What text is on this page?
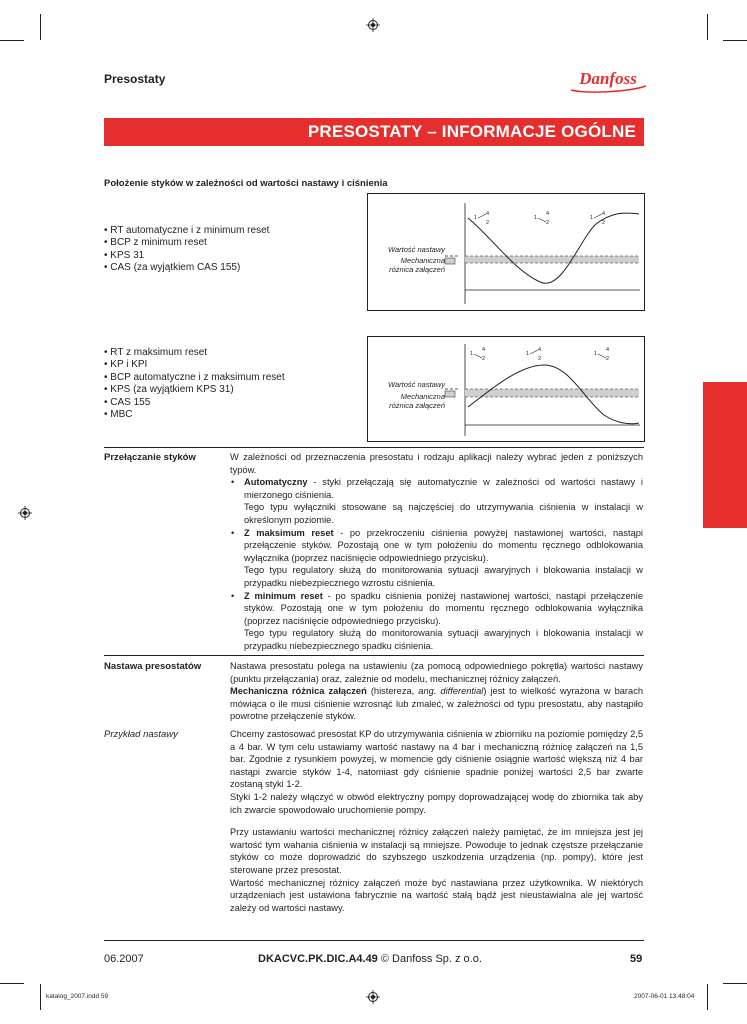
Presostaty	Danfoss
PRESOSTATY – INFORMACJE OGÓLNE
Położenie styków w zależności od wartości nastawy i ciśnienia
• RT automatyczne i z minimum reset
• BCP z minimum reset
• KPS 31
• CAS (za wyjątkiem CAS 155)
Wartość nastawy
Mechaniczna
różnica załączeń
1
4
2
1
4
2
1
4
2
• RT z maksimum reset
• KP i KPI
• BCP automatyczne i z maksimum reset
• KPS (za wyjątkiem KPS 31)
• CAS 155
• MBC
Wartość nastawy
Mechaniczna
różnica załączeń
1
4
2
1
4
2
1
4
2
Przełączanie styków	W zależności od przeznaczenia presostatu i rodzaju aplikacji należy wybrać jeden z poniższych typów.

• Automatyczny - styki przełączają się automatycznie w zależności od wartości nastawy i mierzonego ciśnienia.
Tego typu wyłączniki stosowane są najczęściej do utrzymywania ciśnienia w instalacji w określonym poziomie.
• Z maksimum reset - po przekroczeniu ciśnienia powyżej nastawionej wartości, nastąpi przełączenie styków. Pozostają one w tym położeniu do momentu ręcznego odblokowania wyłącznika (poprzez naciśnięcie odpowiedniego przycisku).
Tego typu regulatory służą do monitorowania sytuacji awaryjnych i blokowania instalacji w przypadku niebezpiecznego wzrostu ciśnienia.
• Z minimum reset - po spadku ciśnienia poniżej nastawionej wartości, nastąpi przełączenie styków. Pozostają one w tym położeniu do momentu ręcznego odblokowania wyłącznika (poprzez naciśnięcie odpowiedniego przycisku).
Tego typu regulatory służą do monitorowania sytuacji awaryjnych i blokowania instalacji w przypadku niebezpiecznego spadku ciśnienia.
Nastawa presostatów	Nastawa presostatu polega na ustawieniu (za pomocą odpowiedniego pokrętła) wartości nastawy (punktu przełączania) oraz, zależnie od modelu, mechanicznej różnicy załączeń.

Mechaniczna różnica załączeń (histereza, ang. differential) jest to wielkość wyrażona w barach mówiąca o ile musi ciśnienie wzrosnąć lub zmaleć, w zależności od typu presostatu, aby nastąpiło powrotne przełączenie styków.

Przykład nastawy	Chcemy zastosować presostat KP do utrzymywania ciśnienia w zbiorniku na poziomie pomiędzy 2,5 a 4 bar. W tym celu ustawiamy wartość nastawy na 4 bar i mechaniczną różnicę załączeń na 1,5 bar. Zgodnie z rysunkiem powyżej, w momencie gdy ciśnienie osiągnie wartość większą niż 4 bar nastąpi zwarcie styków 1-4, natomiast gdy ciśnienie spadnie poniżej wartości 2,5 bar zwarte zostaną styki 1-2.

Styki 1-2 należy włączyć w obwód elektryczny pompy doprowadzającej wodę do zbiornika tak aby ich zwarcie spowodowało uruchomienie pompy.

Przy ustawianiu wartości mechanicznej różnicy załączeń należy pamiętać, że im mniejsza jest jej wartość tym wahania ciśnienia w instalacji są mniejsze. Powoduje to jednak częstsze przełączanie styków co może doprowadzić do szybszego uszkodzenia urządzenia (np. pompy), które jest sterowane przez presostat.

Wartość mechanicznej różnicy załączeń może być nastawiana przez użytkownika. W niektórych urządzeniach jest ustawiona fabrycznie na wartość stałą bądź jest nieustawialna ale jej wartość zależy od wartości nastawy.

06.2007	DKACVC.PK.DIC.A4.49 © Danfoss Sp. z o.o.	59
katalog_2007.indd 59	2007-06-01 13:48:04
